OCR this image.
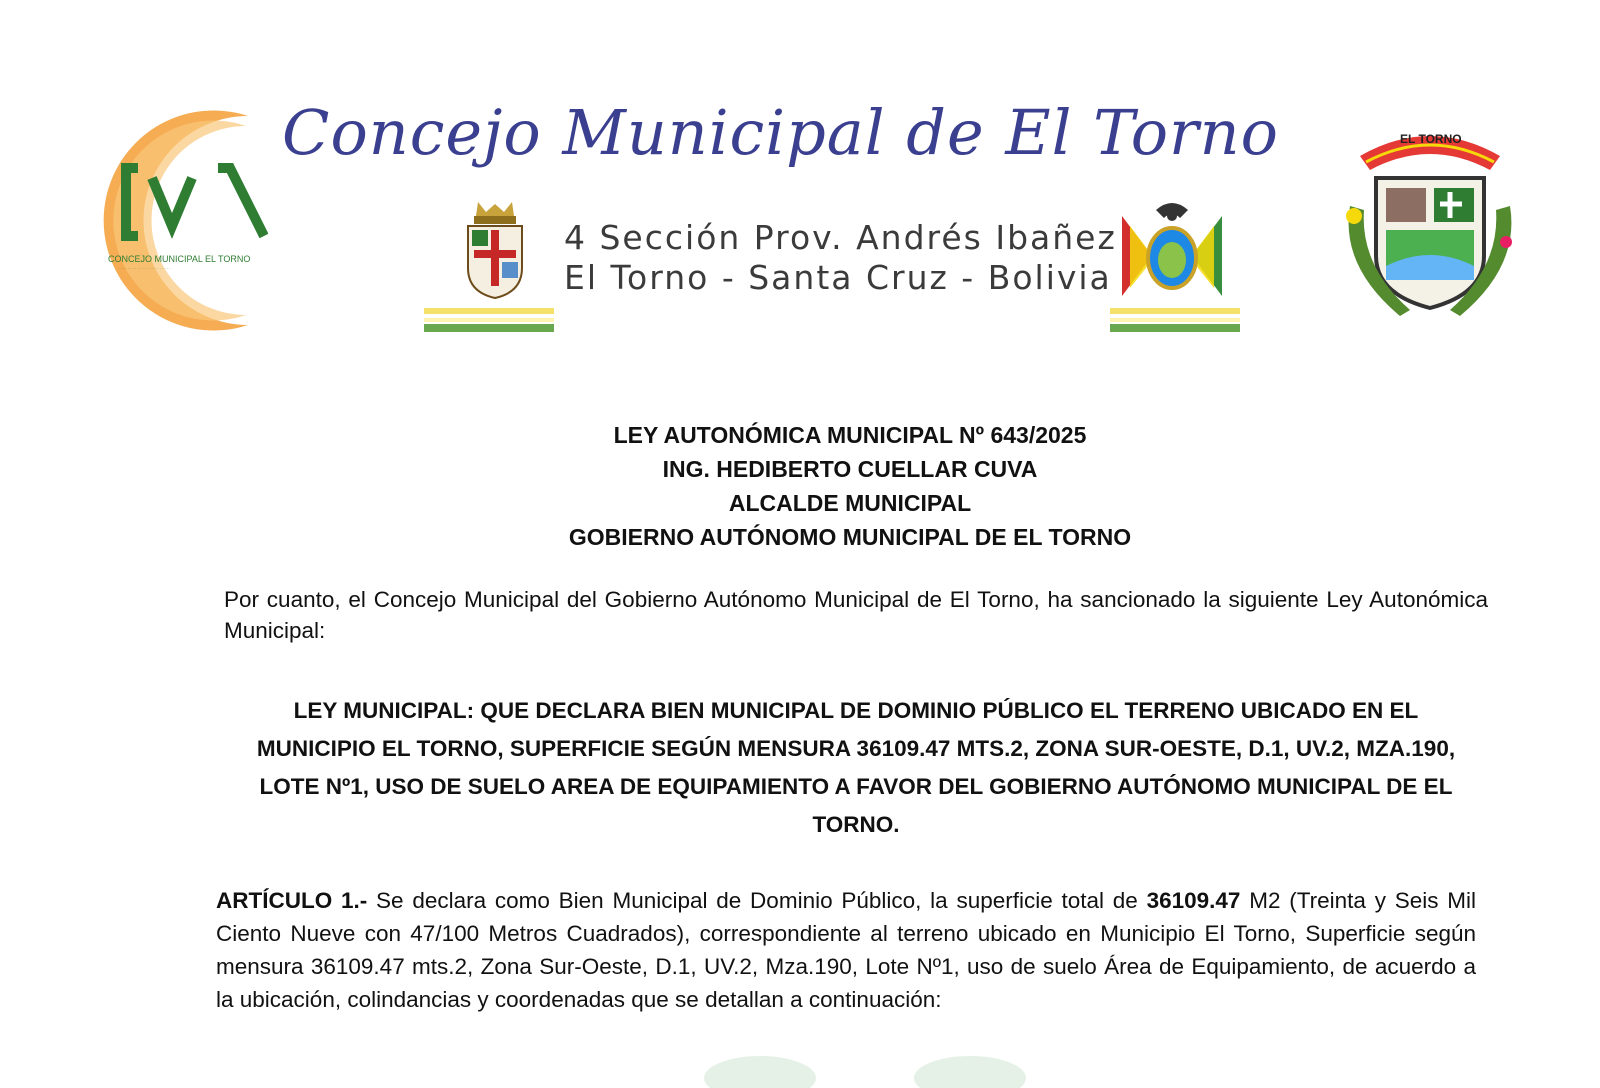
CONCEJO MUNICIPAL EL TORNO
· · · · · · · · · · · · · · · · · · · · · ·
Concejo Municipal de El Torno
4 Sección Prov. Andrés Ibañez
El Torno - Santa Cruz - Bolivia
EL TORNO
LEY AUTONÓMICA MUNICIPAL Nº 643/2025
ING. HEDIBERTO CUELLAR CUVA
ALCALDE MUNICIPAL
GOBIERNO AUTÓNOMO MUNICIPAL DE EL TORNO
Por cuanto, el Concejo Municipal del Gobierno Autónomo Municipal de El Torno, ha sancionado la siguiente Ley Autonómica Municipal:
LEY MUNICIPAL: QUE DECLARA BIEN MUNICIPAL DE DOMINIO PÚBLICO EL TERRENO UBICADO EN EL MUNICIPIO EL TORNO, SUPERFICIE SEGÚN MENSURA 36109.47 MTS.2, ZONA SUR-OESTE, D.1, UV.2, MZA.190, LOTE Nº1, USO DE SUELO AREA DE EQUIPAMIENTO A FAVOR DEL GOBIERNO AUTÓNOMO MUNICIPAL DE EL TORNO.
ARTÍCULO 1.- Se declara como Bien Municipal de Dominio Público, la superficie total de 36109.47 M2 (Treinta y Seis Mil Ciento Nueve con 47/100 Metros Cuadrados), correspondiente al terreno ubicado en Municipio El Torno, Superficie según mensura 36109.47 mts.2, Zona Sur-Oeste, D.1, UV.2, Mza.190, Lote Nº1, uso de suelo Área de Equipamiento, de acuerdo a la ubicación, colindancias y coordenadas que se detallan a continuación:
